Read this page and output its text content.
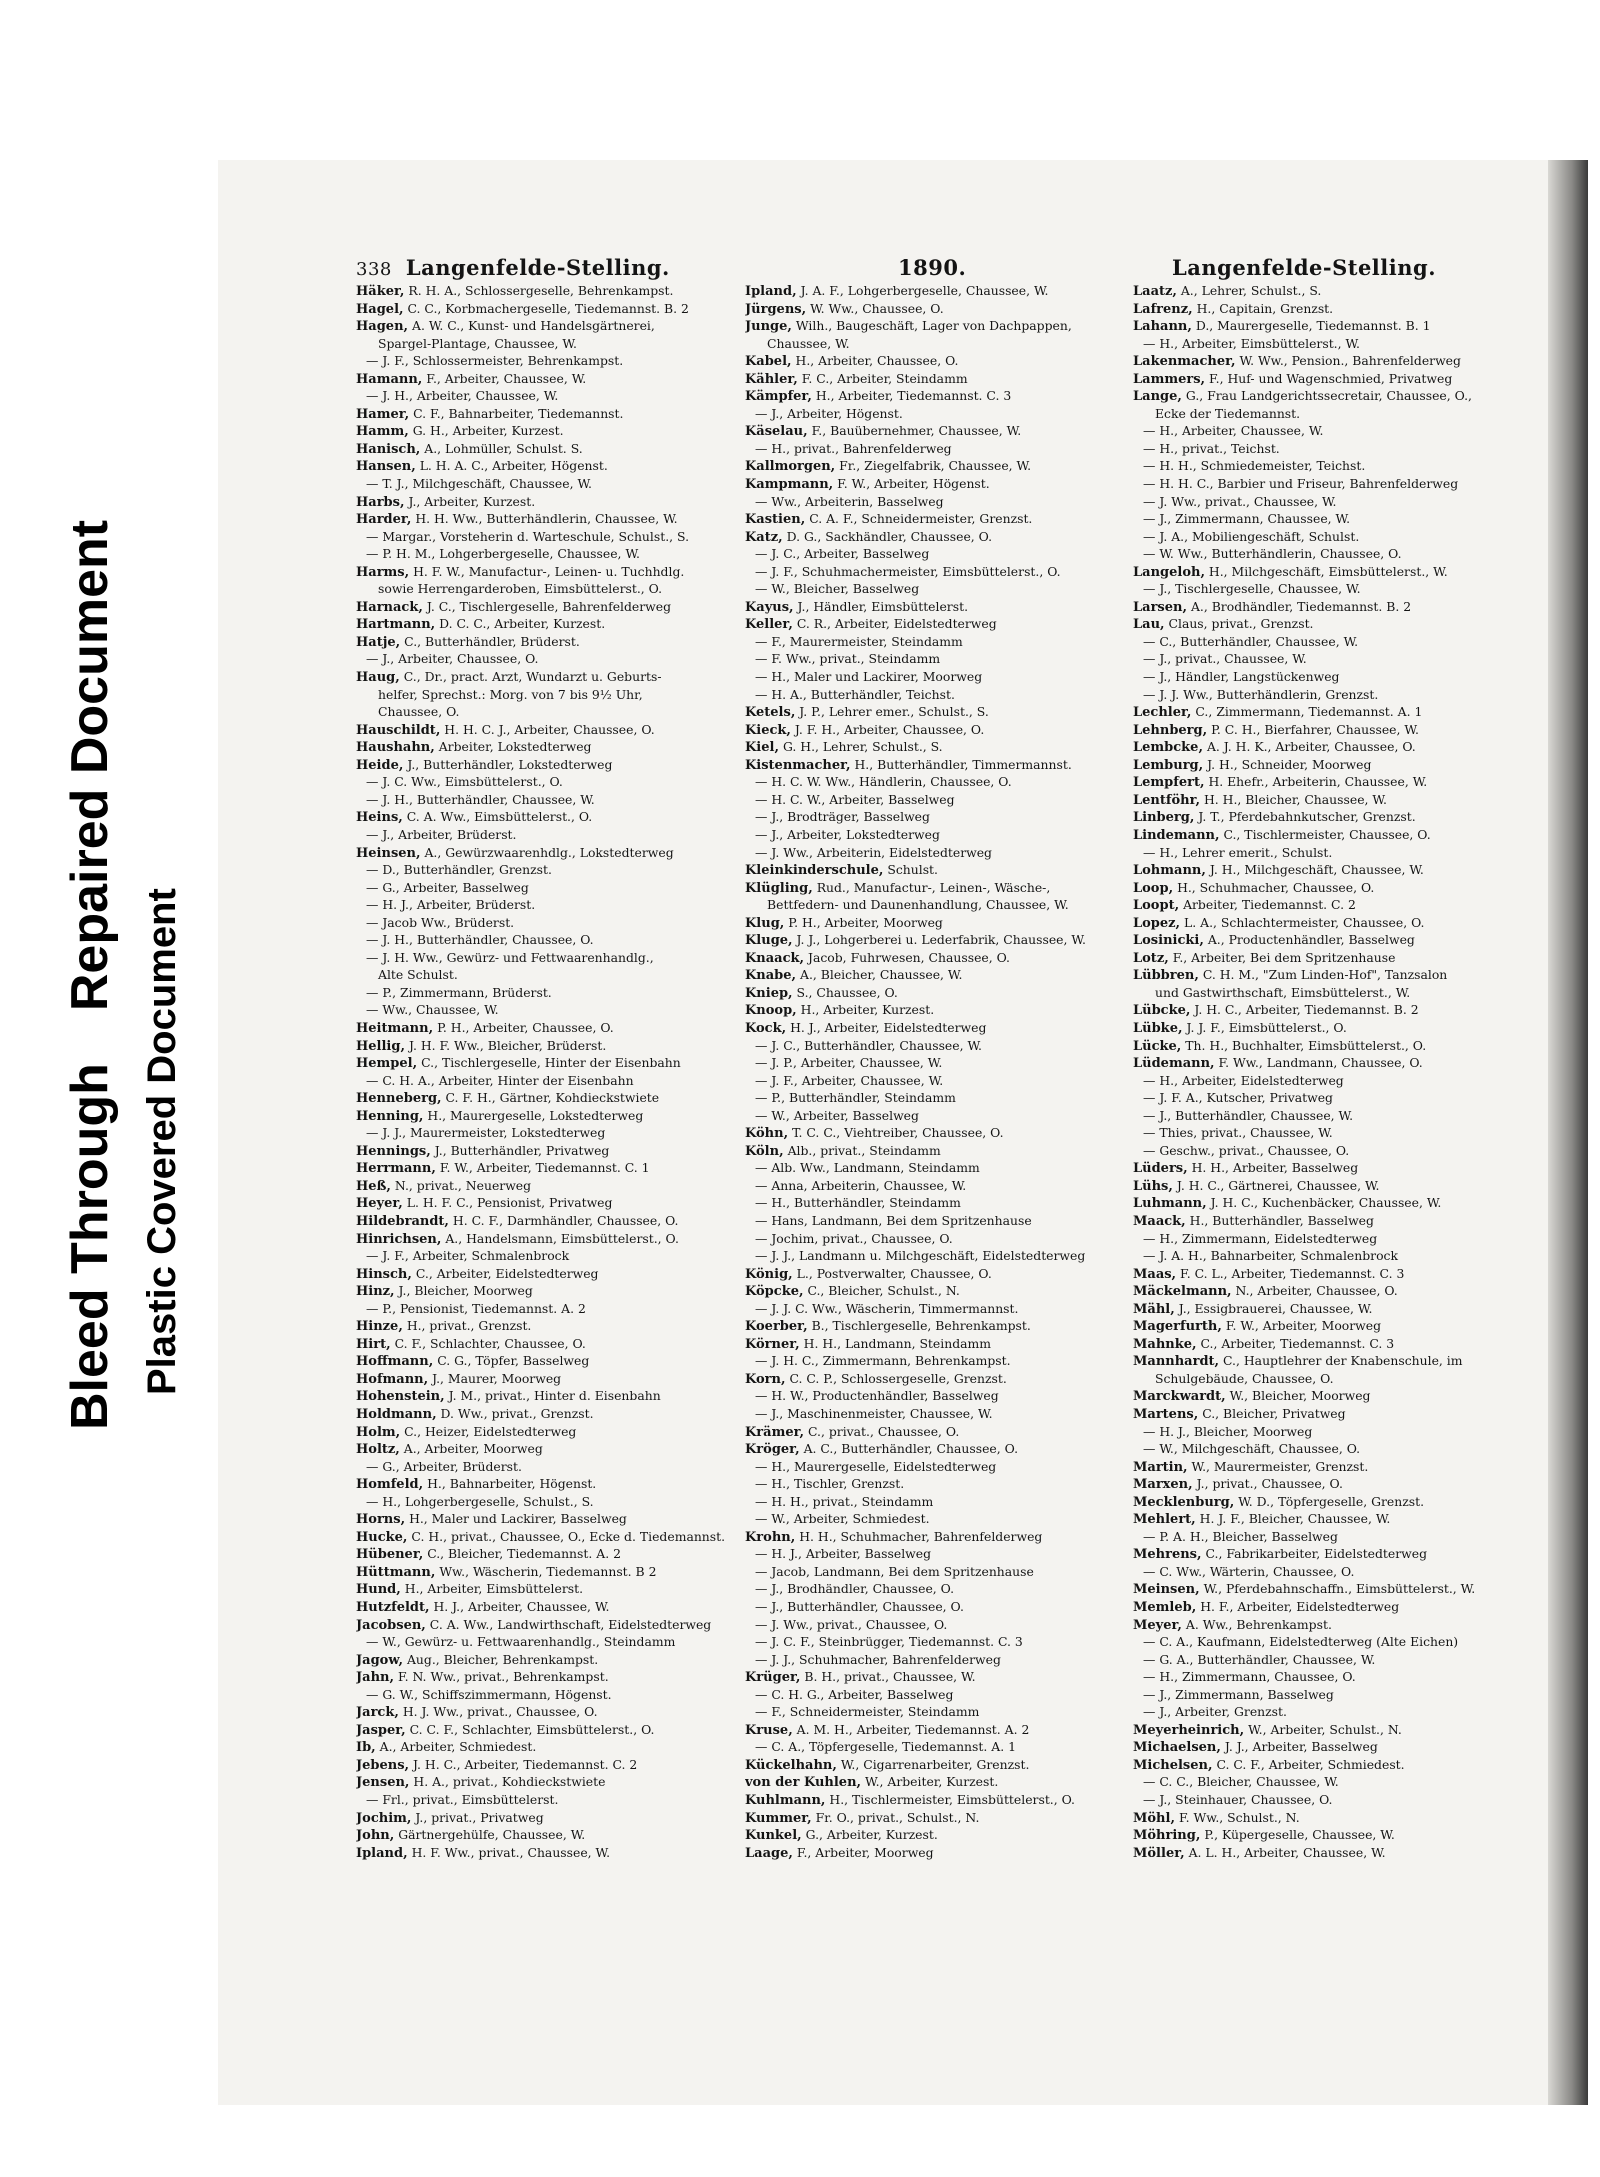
Bleed ThroughRepaired Document
Plastic Covered Document
338 Langenfelde-Stelling.	1890.	Langenfelde-Stelling.
Häker, R. H. A., Schlossergeselle, Behrenkampst.
Hagel, C. C., Korbmachergeselle, Tiedemannst. B. 2
Hagen, A. W. C., Kunst- und Handelsgärtnerei,
Spargel-Plantage, Chaussee, W.
— J. F., Schlossermeister, Behrenkampst.
Hamann, F., Arbeiter, Chaussee, W.
— J. H., Arbeiter, Chaussee, W.
Hamer, C. F., Bahnarbeiter, Tiedemannst.
Hamm, G. H., Arbeiter, Kurzest.
Hanisch, A., Lohmüller, Schulst. S.
Hansen, L. H. A. C., Arbeiter, Högenst.
— T. J., Milchgeschäft, Chaussee, W.
Harbs, J., Arbeiter, Kurzest.
Harder, H. H. Ww., Butterhändlerin, Chaussee, W.
— Margar., Vorsteherin d. Warteschule, Schulst., S.
— P. H. M., Lohgerbergeselle, Chaussee, W.
Harms, H. F. W., Manufactur-, Leinen- u. Tuchhdlg.
sowie Herrengarderoben, Eimsbüttelerst., O.
Harnack, J. C., Tischlergeselle, Bahrenfelderweg
Hartmann, D. C. C., Arbeiter, Kurzest.
Hatje, C., Butterhändler, Brüderst.
— J., Arbeiter, Chaussee, O.
Haug, C., Dr., pract. Arzt, Wundarzt u. Geburts-
helfer, Sprechst.: Morg. von 7 bis 9½ Uhr,
Chaussee, O.
Hauschildt, H. H. C. J., Arbeiter, Chaussee, O.
Haushahn, Arbeiter, Lokstedterweg
Heide, J., Butterhändler, Lokstedterweg
— J. C. Ww., Eimsbüttelerst., O.
— J. H., Butterhändler, Chaussee, W.
Heins, C. A. Ww., Eimsbüttelerst., O.
— J., Arbeiter, Brüderst.
Heinsen, A., Gewürzwaarenhdlg., Lokstedterweg
— D., Butterhändler, Grenzst.
— G., Arbeiter, Basselweg
— H. J., Arbeiter, Brüderst.
— Jacob Ww., Brüderst.
— J. H., Butterhändler, Chaussee, O.
— J. H. Ww., Gewürz- und Fettwaarenhandlg.,
Alte Schulst.
— P., Zimmermann, Brüderst.
— Ww., Chaussee, W.
Heitmann, P. H., Arbeiter, Chaussee, O.
Hellig, J. H. F. Ww., Bleicher, Brüderst.
Hempel, C., Tischlergeselle, Hinter der Eisenbahn
— C. H. A., Arbeiter, Hinter der Eisenbahn
Henneberg, C. F. H., Gärtner, Kohdieckstwiete
Henning, H., Maurergeselle, Lokstedterweg
— J. J., Maurermeister, Lokstedterweg
Hennings, J., Butterhändler, Privatweg
Herrmann, F. W., Arbeiter, Tiedemannst. C. 1
Heß, N., privat., Neuerweg
Heyer, L. H. F. C., Pensionist, Privatweg
Hildebrandt, H. C. F., Darmhändler, Chaussee, O.
Hinrichsen, A., Handelsmann, Eimsbüttelerst., O.
— J. F., Arbeiter, Schmalenbrock
Hinsch, C., Arbeiter, Eidelstedterweg
Hinz, J., Bleicher, Moorweg
— P., Pensionist, Tiedemannst. A. 2
Hinze, H., privat., Grenzst.
Hirt, C. F., Schlachter, Chaussee, O.
Hoffmann, C. G., Töpfer, Basselweg
Hofmann, J., Maurer, Moorweg
Hohenstein, J. M., privat., Hinter d. Eisenbahn
Holdmann, D. Ww., privat., Grenzst.
Holm, C., Heizer, Eidelstedterweg
Holtz, A., Arbeiter, Moorweg
— G., Arbeiter, Brüderst.
Homfeld, H., Bahnarbeiter, Högenst.
— H., Lohgerbergeselle, Schulst., S.
Horns, H., Maler und Lackirer, Basselweg
Hucke, C. H., privat., Chaussee, O., Ecke d. Tiedemannst.
Hübener, C., Bleicher, Tiedemannst. A. 2
Hüttmann, Ww., Wäscherin, Tiedemannst. B 2
Hund, H., Arbeiter, Eimsbüttelerst.
Hutzfeldt, H. J., Arbeiter, Chaussee, W.
Jacobsen, C. A. Ww., Landwirthschaft, Eidelstedterweg
— W., Gewürz- u. Fettwaarenhandlg., Steindamm
Jagow, Aug., Bleicher, Behrenkampst.
Jahn, F. N. Ww., privat., Behrenkampst.
— G. W., Schiffszimmermann, Högenst.
Jarck, H. J. Ww., privat., Chaussee, O.
Jasper, C. C. F., Schlachter, Eimsbüttelerst., O.
Ib, A., Arbeiter, Schmiedest.
Jebens, J. H. C., Arbeiter, Tiedemannst. C. 2
Jensen, H. A., privat., Kohdieckstwiete
— Frl., privat., Eimsbüttelerst.
Jochim, J., privat., Privatweg
John, Gärtnergehülfe, Chaussee, W.
Ipland, H. F. Ww., privat., Chaussee, W.
Ipland, J. A. F., Lohgerbergeselle, Chaussee, W.
Jürgens, W. Ww., Chaussee, O.
Junge, Wilh., Baugeschäft, Lager von Dachpappen,
Chaussee, W.
Kabel, H., Arbeiter, Chaussee, O.
Kähler, F. C., Arbeiter, Steindamm
Kämpfer, H., Arbeiter, Tiedemannst. C. 3
— J., Arbeiter, Högenst.
Käselau, F., Bauübernehmer, Chaussee, W.
— H., privat., Bahrenfelderweg
Kallmorgen, Fr., Ziegelfabrik, Chaussee, W.
Kampmann, F. W., Arbeiter, Högenst.
— Ww., Arbeiterin, Basselweg
Kastien, C. A. F., Schneidermeister, Grenzst.
Katz, D. G., Sackhändler, Chaussee, O.
— J. C., Arbeiter, Basselweg
— J. F., Schuhmachermeister, Eimsbüttelerst., O.
— W., Bleicher, Basselweg
Kayus, J., Händler, Eimsbüttelerst.
Keller, C. R., Arbeiter, Eidelstedterweg
— F., Maurermeister, Steindamm
— F. Ww., privat., Steindamm
— H., Maler und Lackirer, Moorweg
— H. A., Butterhändler, Teichst.
Ketels, J. P., Lehrer emer., Schulst., S.
Kieck, J. F. H., Arbeiter, Chaussee, O.
Kiel, G. H., Lehrer, Schulst., S.
Kistenmacher, H., Butterhändler, Timmermannst.
— H. C. W. Ww., Händlerin, Chaussee, O.
— H. C. W., Arbeiter, Basselweg
— J., Brodträger, Basselweg
— J., Arbeiter, Lokstedterweg
— J. Ww., Arbeiterin, Eidelstedterweg
Kleinkinderschule, Schulst.
Klügling, Rud., Manufactur-, Leinen-, Wäsche-,
Bettfedern- und Daunenhandlung, Chaussee, W.
Klug, P. H., Arbeiter, Moorweg
Kluge, J. J., Lohgerberei u. Lederfabrik, Chaussee, W.
Knaack, Jacob, Fuhrwesen, Chaussee, O.
Knabe, A., Bleicher, Chaussee, W.
Kniep, S., Chaussee, O.
Knoop, H., Arbeiter, Kurzest.
Kock, H. J., Arbeiter, Eidelstedterweg
— J. C., Butterhändler, Chaussee, W.
— J. P., Arbeiter, Chaussee, W.
— J. F., Arbeiter, Chaussee, W.
— P., Butterhändler, Steindamm
— W., Arbeiter, Basselweg
Köhn, T. C. C., Viehtreiber, Chaussee, O.
Köln, Alb., privat., Steindamm
— Alb. Ww., Landmann, Steindamm
— Anna, Arbeiterin, Chaussee, W.
— H., Butterhändler, Steindamm
— Hans, Landmann, Bei dem Spritzenhause
— Jochim, privat., Chaussee, O.
— J. J., Landmann u. Milchgeschäft, Eidelstedterweg
König, L., Postverwalter, Chaussee, O.
Köpcke, C., Bleicher, Schulst., N.
— J. J. C. Ww., Wäscherin, Timmermannst.
Koerber, B., Tischlergeselle, Behrenkampst.
Körner, H. H., Landmann, Steindamm
— J. H. C., Zimmermann, Behrenkampst.
Korn, C. C. P., Schlossergeselle, Grenzst.
— H. W., Productenhändler, Basselweg
— J., Maschinenmeister, Chaussee, W.
Krämer, C., privat., Chaussee, O.
Kröger, A. C., Butterhändler, Chaussee, O.
— H., Maurergeselle, Eidelstedterweg
— H., Tischler, Grenzst.
— H. H., privat., Steindamm
— W., Arbeiter, Schmiedest.
Krohn, H. H., Schuhmacher, Bahrenfelderweg
— H. J., Arbeiter, Basselweg
— Jacob, Landmann, Bei dem Spritzenhause
— J., Brodhändler, Chaussee, O.
— J., Butterhändler, Chaussee, O.
— J. Ww., privat., Chaussee, O.
— J. C. F., Steinbrügger, Tiedemannst. C. 3
— J. J., Schuhmacher, Bahrenfelderweg
Krüger, B. H., privat., Chaussee, W.
— C. H. G., Arbeiter, Basselweg
— F., Schneidermeister, Steindamm
Kruse, A. M. H., Arbeiter, Tiedemannst. A. 2
— C. A., Töpfergeselle, Tiedemannst. A. 1
Kückelhahn, W., Cigarrenarbeiter, Grenzst.
von der Kuhlen, W., Arbeiter, Kurzest.
Kuhlmann, H., Tischlermeister, Eimsbüttelerst., O.
Kummer, Fr. O., privat., Schulst., N.
Kunkel, G., Arbeiter, Kurzest.
Laage, F., Arbeiter, Moorweg
Laatz, A., Lehrer, Schulst., S.
Lafrenz, H., Capitain, Grenzst.
Lahann, D., Maurergeselle, Tiedemannst. B. 1
— H., Arbeiter, Eimsbüttelerst., W.
Lakenmacher, W. Ww., Pension., Bahrenfelderweg
Lammers, F., Huf- und Wagenschmied, Privatweg
Lange, G., Frau Landgerichtssecretair, Chaussee, O.,
Ecke der Tiedemannst.
— H., Arbeiter, Chaussee, W.
— H., privat., Teichst.
— H. H., Schmiedemeister, Teichst.
— H. H. C., Barbier und Friseur, Bahrenfelderweg
— J. Ww., privat., Chaussee, W.
— J., Zimmermann, Chaussee, W.
— J. A., Mobiliengeschäft, Schulst.
— W. Ww., Butterhändlerin, Chaussee, O.
Langeloh, H., Milchgeschäft, Eimsbüttelerst., W.
— J., Tischlergeselle, Chaussee, W.
Larsen, A., Brodhändler, Tiedemannst. B. 2
Lau, Claus, privat., Grenzst.
— C., Butterhändler, Chaussee, W.
— J., privat., Chaussee, W.
— J., Händler, Langstückenweg
— J. J. Ww., Butterhändlerin, Grenzst.
Lechler, C., Zimmermann, Tiedemannst. A. 1
Lehnberg, P. C. H., Bierfahrer, Chaussee, W.
Lembcke, A. J. H. K., Arbeiter, Chaussee, O.
Lemburg, J. H., Schneider, Moorweg
Lempfert, H. Ehefr., Arbeiterin, Chaussee, W.
Lentföhr, H. H., Bleicher, Chaussee, W.
Linberg, J. T., Pferdebahnkutscher, Grenzst.
Lindemann, C., Tischlermeister, Chaussee, O.
— H., Lehrer emerit., Schulst.
Lohmann, J. H., Milchgeschäft, Chaussee, W.
Loop, H., Schuhmacher, Chaussee, O.
Loopt, Arbeiter, Tiedemannst. C. 2
Lopez, L. A., Schlachtermeister, Chaussee, O.
Losinicki, A., Productenhändler, Basselweg
Lotz, F., Arbeiter, Bei dem Spritzenhause
Lübbren, C. H. M., "Zum Linden-Hof", Tanzsalon
und Gastwirthschaft, Eimsbüttelerst., W.
Lübcke, J. H. C., Arbeiter, Tiedemannst. B. 2
Lübke, J. J. F., Eimsbüttelerst., O.
Lücke, Th. H., Buchhalter, Eimsbüttelerst., O.
Lüdemann, F. Ww., Landmann, Chaussee, O.
— H., Arbeiter, Eidelstedterweg
— J. F. A., Kutscher, Privatweg
— J., Butterhändler, Chaussee, W.
— Thies, privat., Chaussee, W.
— Geschw., privat., Chaussee, O.
Lüders, H. H., Arbeiter, Basselweg
Lühs, J. H. C., Gärtnerei, Chaussee, W.
Luhmann, J. H. C., Kuchenbäcker, Chaussee, W.
Maack, H., Butterhändler, Basselweg
— H., Zimmermann, Eidelstedterweg
— J. A. H., Bahnarbeiter, Schmalenbrock
Maas, F. C. L., Arbeiter, Tiedemannst. C. 3
Mäckelmann, N., Arbeiter, Chaussee, O.
Mähl, J., Essigbrauerei, Chaussee, W.
Magerfurth, F. W., Arbeiter, Moorweg
Mahnke, C., Arbeiter, Tiedemannst. C. 3
Mannhardt, C., Hauptlehrer der Knabenschule, im
Schulgebäude, Chaussee, O.
Marckwardt, W., Bleicher, Moorweg
Martens, C., Bleicher, Privatweg
— H. J., Bleicher, Moorweg
— W., Milchgeschäft, Chaussee, O.
Martin, W., Maurermeister, Grenzst.
Marxen, J., privat., Chaussee, O.
Mecklenburg, W. D., Töpfergeselle, Grenzst.
Mehlert, H. J. F., Bleicher, Chaussee, W.
— P. A. H., Bleicher, Basselweg
Mehrens, C., Fabrikarbeiter, Eidelstedterweg
— C. Ww., Wärterin, Chaussee, O.
Meinsen, W., Pferdebahnschaffn., Eimsbüttelerst., W.
Memleb, H. F., Arbeiter, Eidelstedterweg
Meyer, A. Ww., Behrenkampst.
— C. A., Kaufmann, Eidelstedterweg (Alte Eichen)
— G. A., Butterhändler, Chaussee, W.
— H., Zimmermann, Chaussee, O.
— J., Zimmermann, Basselweg
— J., Arbeiter, Grenzst.
Meyerheinrich, W., Arbeiter, Schulst., N.
Michaelsen, J. J., Arbeiter, Basselweg
Michelsen, C. C. F., Arbeiter, Schmiedest.
— C. C., Bleicher, Chaussee, W.
— J., Steinhauer, Chaussee, O.
Möhl, F. Ww., Schulst., N.
Möhring, P., Küpergeselle, Chaussee, W.
Möller, A. L. H., Arbeiter, Chaussee, W.
